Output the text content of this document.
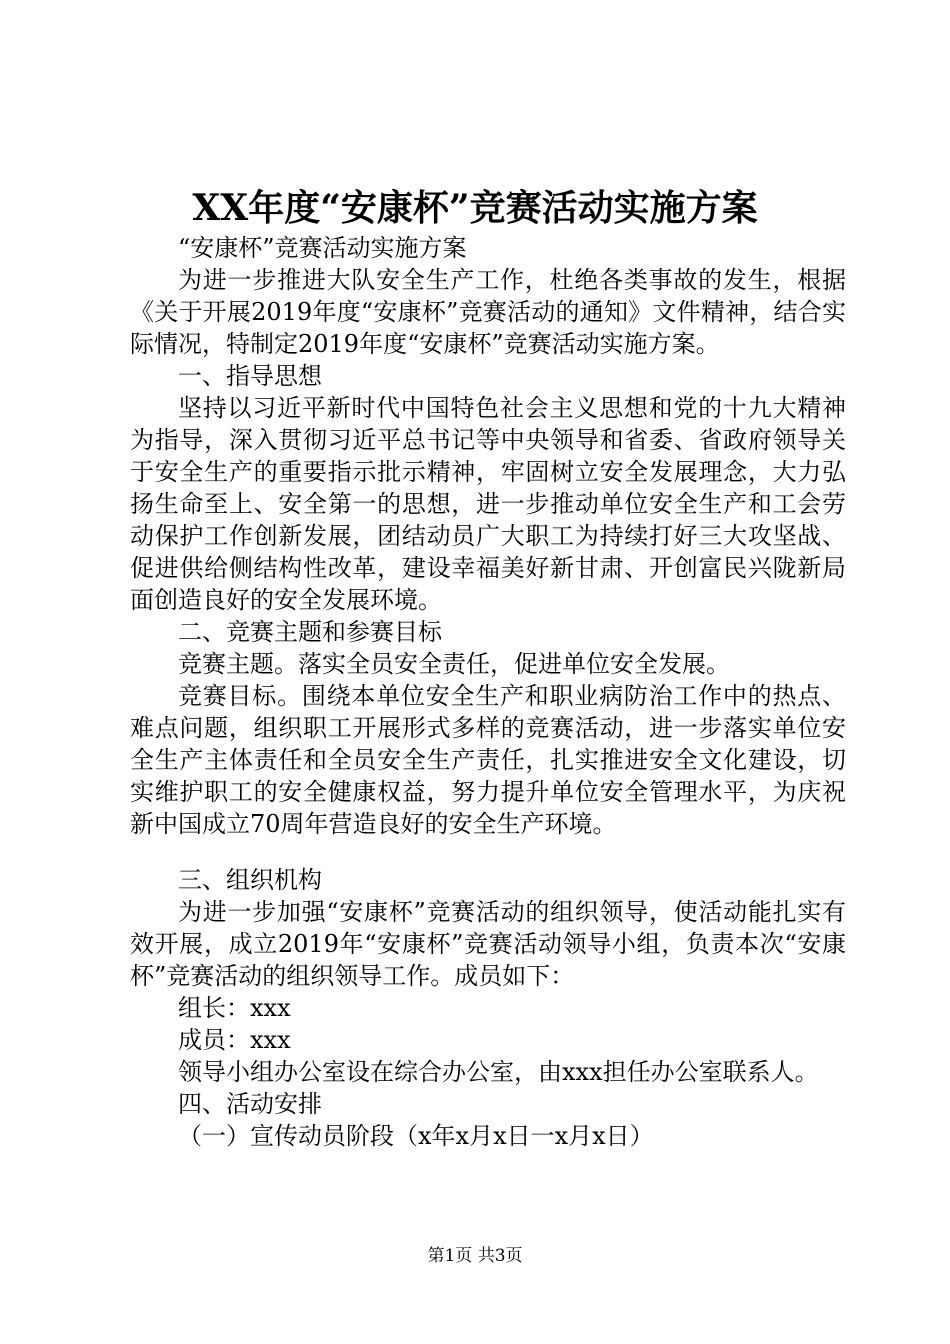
XX年度“安康杯”竞赛活动实施方案

“安康杯”竞赛活动实施方案

为进一步推进大队安全生产工作，杜绝各类事故的发生，根据《关于开展2019年度“安康杯”竞赛活动的通知》文件精神，结合实际情况，特制定2019年度“安康杯”竞赛活动实施方案。

一、指导思想

坚持以习近平新时代中国特色社会主义思想和党的十九大精神为指导，深入贯彻习近平总书记等中央领导和省委、省政府领导关于安全生产的重要指示批示精神，牢固树立安全发展理念，大力弘扬生命至上、安全第一的思想，进一步推动单位安全生产和工会劳动保护工作创新发展，团结动员广大职工为持续打好三大攻坚战、促进供给侧结构性改革，建设幸福美好新甘肃、开创富民兴陇新局面创造良好的安全发展环境。

二、竞赛主题和参赛目标

竞赛主题。落实全员安全责任，促进单位安全发展。

竞赛目标。围绕本单位安全生产和职业病防治工作中的热点、难点问题，组织职工开展形式多样的竞赛活动，进一步落实单位安全生产主体责任和全员安全生产责任，扎实推进安全文化建设，切实维护职工的安全健康权益，努力提升单位安全管理水平，为庆祝新中国成立70周年营造良好的安全生产环境。

三、组织机构

为进一步加强“安康杯”竞赛活动的组织领导，使活动能扎实有效开展，成立2019年“安康杯”竞赛活动领导小组，负责本次“安康杯”竞赛活动的组织领导工作。成员如下：

组长：xxx

成员：xxx

领导小组办公室设在综合办公室，由xxx担任办公室联系人。

四、活动安排

（一）宣传动员阶段（x年x月x日一x月x日）

第1页 共3页
